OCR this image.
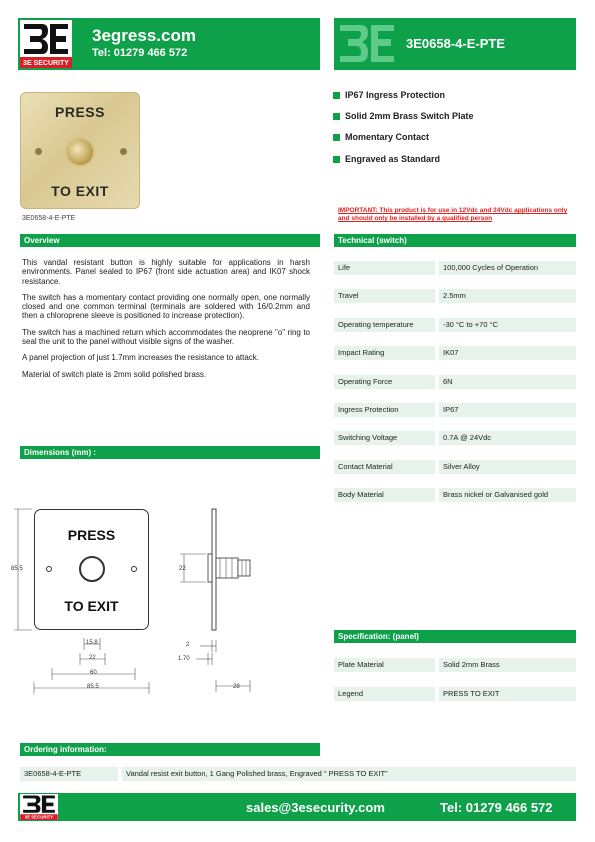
3E SECURITY
3egress.com
Tel: 01279 466 572
3E0658-4-E-PTE
PRESS
TO EXIT
3E0658-4-E-PTE
IP67 Ingress Protection
Solid 2mm Brass Switch Plate
Momentary Contact
Engraved as Standard
IMPORTANT: This product is for use in 12Vdc and 24Vdc applications only and should only be installed by a qualified person
Overview

This vandal resistant button is highly suitable for applications in harsh environments. Panel sealed to IP67 (front side actuation area) and IK07 shock resistance.

The switch has a momentary contact providing one normally open, one normally closed and one common terminal (terminals are soldered with 16/0.2mm and then a chloroprene sleeve is positioned to increase protection).

The switch has a machined return which accommodates the neoprene "o" ring to seal the unit to the panel without visible signs of the washer.

A panel projection of just 1.7mm increases the resistance to attack.

Material of switch plate is 2mm solid polished brass.

Technical (switch)
Life	100,000 Cycles of Operation
Travel	2.5mm
Operating temperature	-30 °C to +70 °C
Impact Rating	IK07
Operating Force	6N
Ingress Protection	IP67
Switching Voltage	0.7A @ 24Vdc
Contact Material	Silver Alloy
Body Material	Brass nickel or Galvanised gold
Dimensions (mm) :
PRESS
TO EXIT
85.5
15.8
22
60
85.5
22
2
1.70
28
Specification: (panel)
Plate Material	Solid 2mm Brass
Legend	PRESS TO EXIT
Ordering information:
3E0658-4-E-PTE	Vandal resist exit button, 1 Gang Polished brass, Engraved " PRESS TO EXIT"
3E SECURITY
sales@3esecurity.com	Tel: 01279 466 572
